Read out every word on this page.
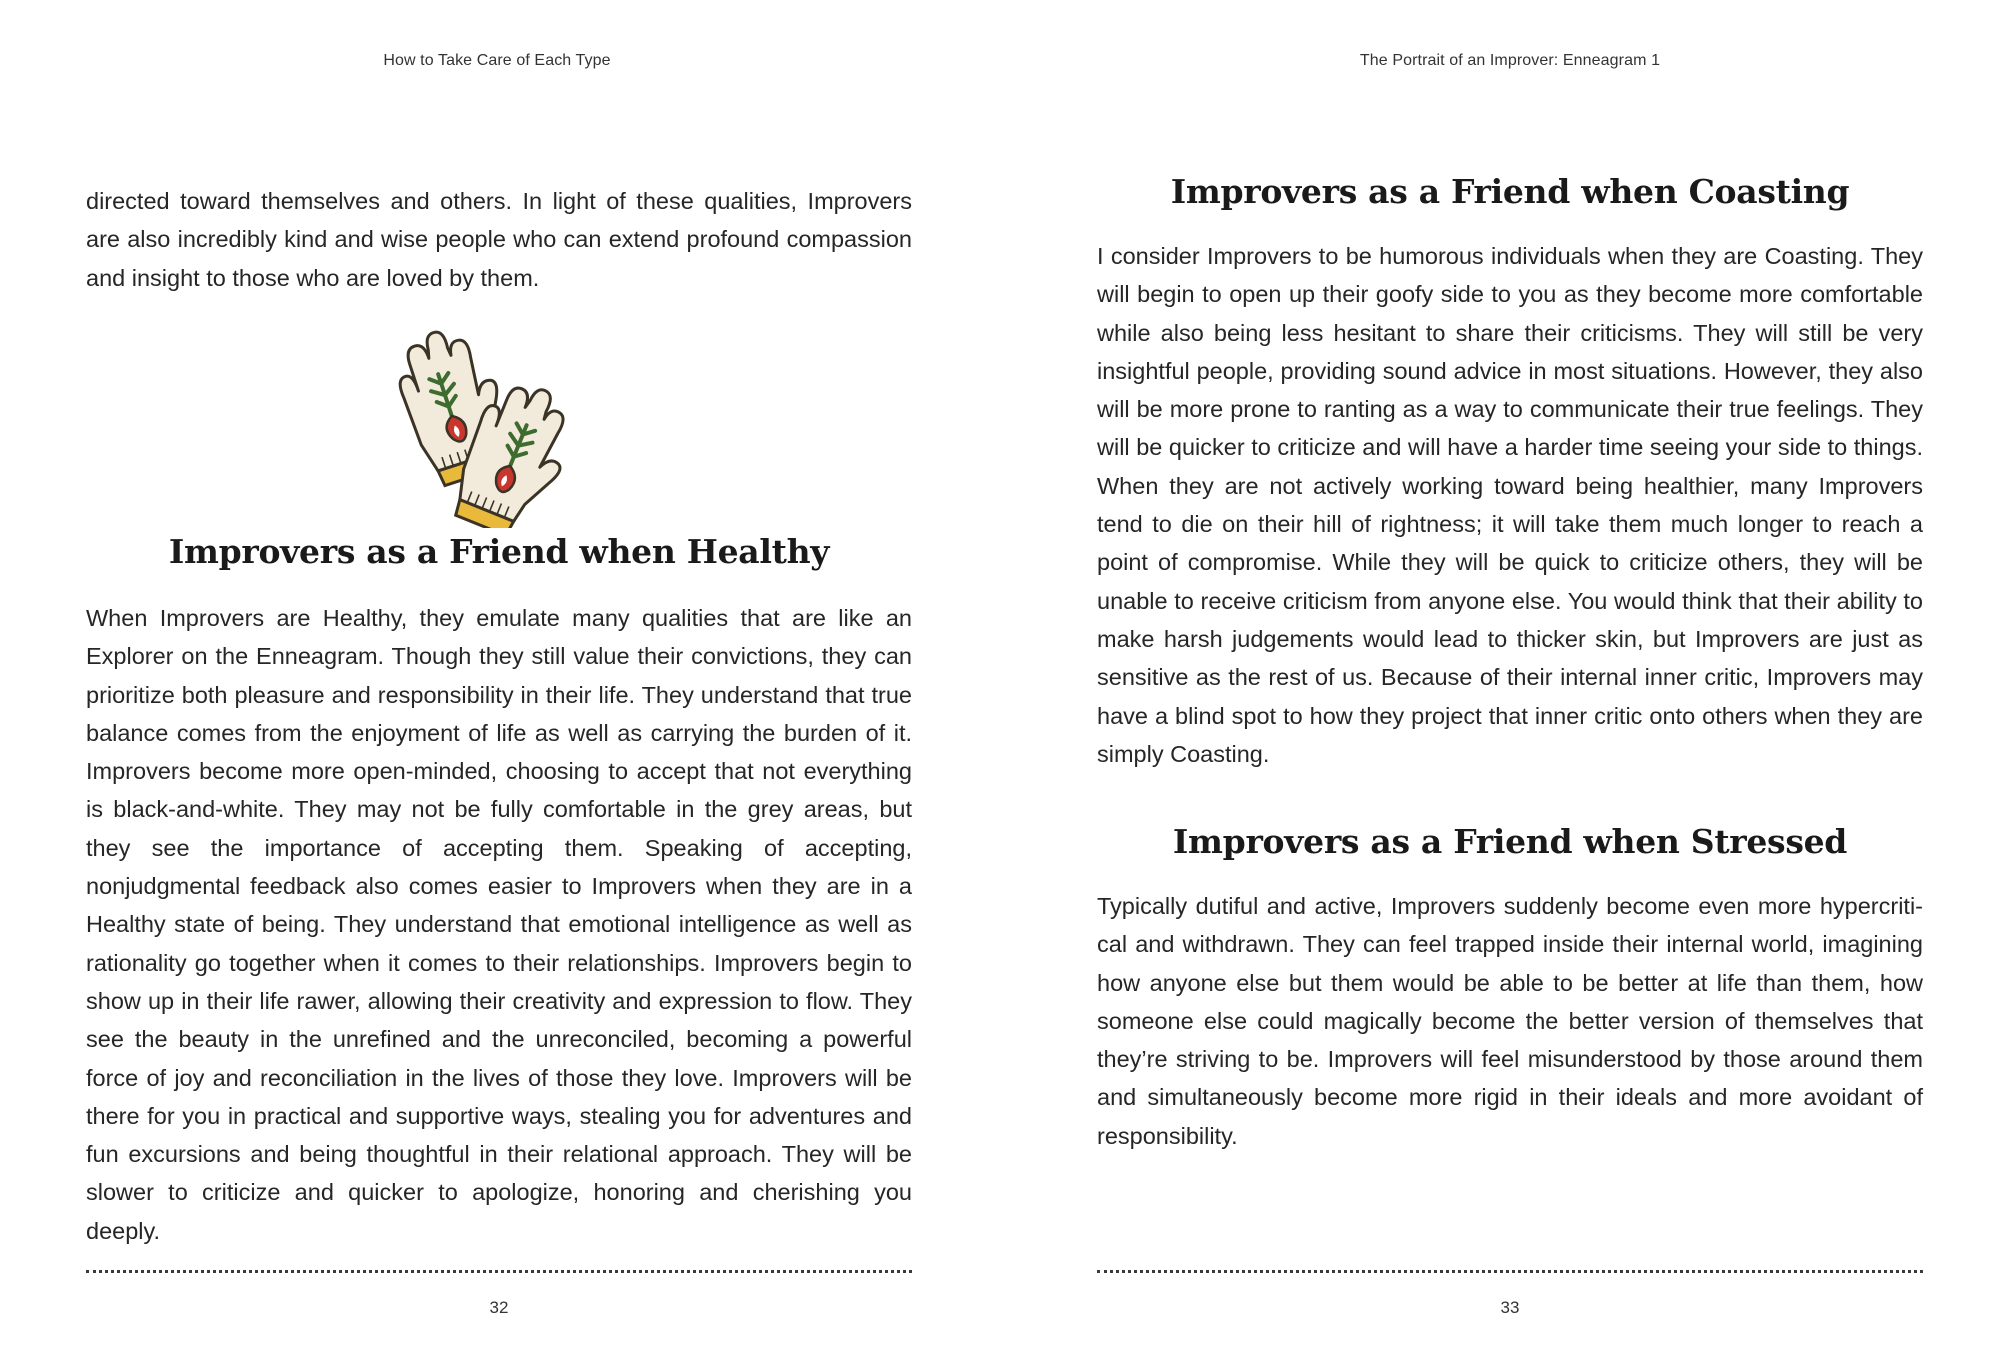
How to Take Care of Each Type

directed toward themselves and others. In light of these qualities, Improvers are also incredibly kind and wise people who can extend profound compassion and insight to those who are loved by them.

Improvers as a Friend when Healthy

When Improvers are Healthy, they emulate many qualities that are like an Explorer on the Enneagram. Though they still value their convictions, they can prioritize both pleasure and responsibility in their life. They understand that true balance comes from the enjoyment of life as well as carrying the burden of it. Improvers become more open-minded, choosing to accept that not everything is black-and-white. They may not be fully comfortable in the grey areas, but they see the importance of accepting them. Speaking of accepting, nonjudgmental feedback also comes easier to Improvers when they are in a Healthy state of being. They understand that emotional intelligence as well as rationality go together when it comes to their relationships. Improvers begin to show up in their life rawer, allowing their creativity and expression to flow. They see the beauty in the unrefined and the unreconciled, becoming a powerful force of joy and reconciliation in the lives of those they love. Improvers will be there for you in practical and supportive ways, stealing you for adventures and fun excursions and being thoughtful in their relational approach. They will be slower to criticize and quicker to apologize, honoring and cherishing you deeply.

32
The Portrait of an Improver: Enneagram 1
Improvers as a Friend when Coasting

I consider Improvers to be humorous individuals when they are Coasting. They will begin to open up their goofy side to you as they become more comfortable while also being less hesitant to share their criticisms. They will still be very insightful people, providing sound advice in most situations. However, they also will be more prone to ranting as a way to communicate their true feelings. They will be quicker to criticize and will have a harder time seeing your side to things. When they are not actively working toward being healthier, many Improvers tend to die on their hill of rightness; it will take them much longer to reach a point of compromise. While they will be quick to criticize others, they will be unable to receive criticism from anyone else. You would think that their ability to make harsh judgements would lead to thicker skin, but Improvers are just as sensitive as the rest of us. Because of their internal inner critic, Improvers may have a blind spot to how they project that inner critic onto others when they are simply Coasting.

Improvers as a Friend when Stressed

Typically dutiful and active, Improvers suddenly become even more hypercritical and withdrawn. They can feel trapped inside their internal world, imagining how anyone else but them would be able to be better at life than them, how someone else could magically become the better version of themselves that they’re striving to be. Improvers will feel misunderstood by those around them and simultaneously become more rigid in their ideals and more avoidant of responsibility.

33
